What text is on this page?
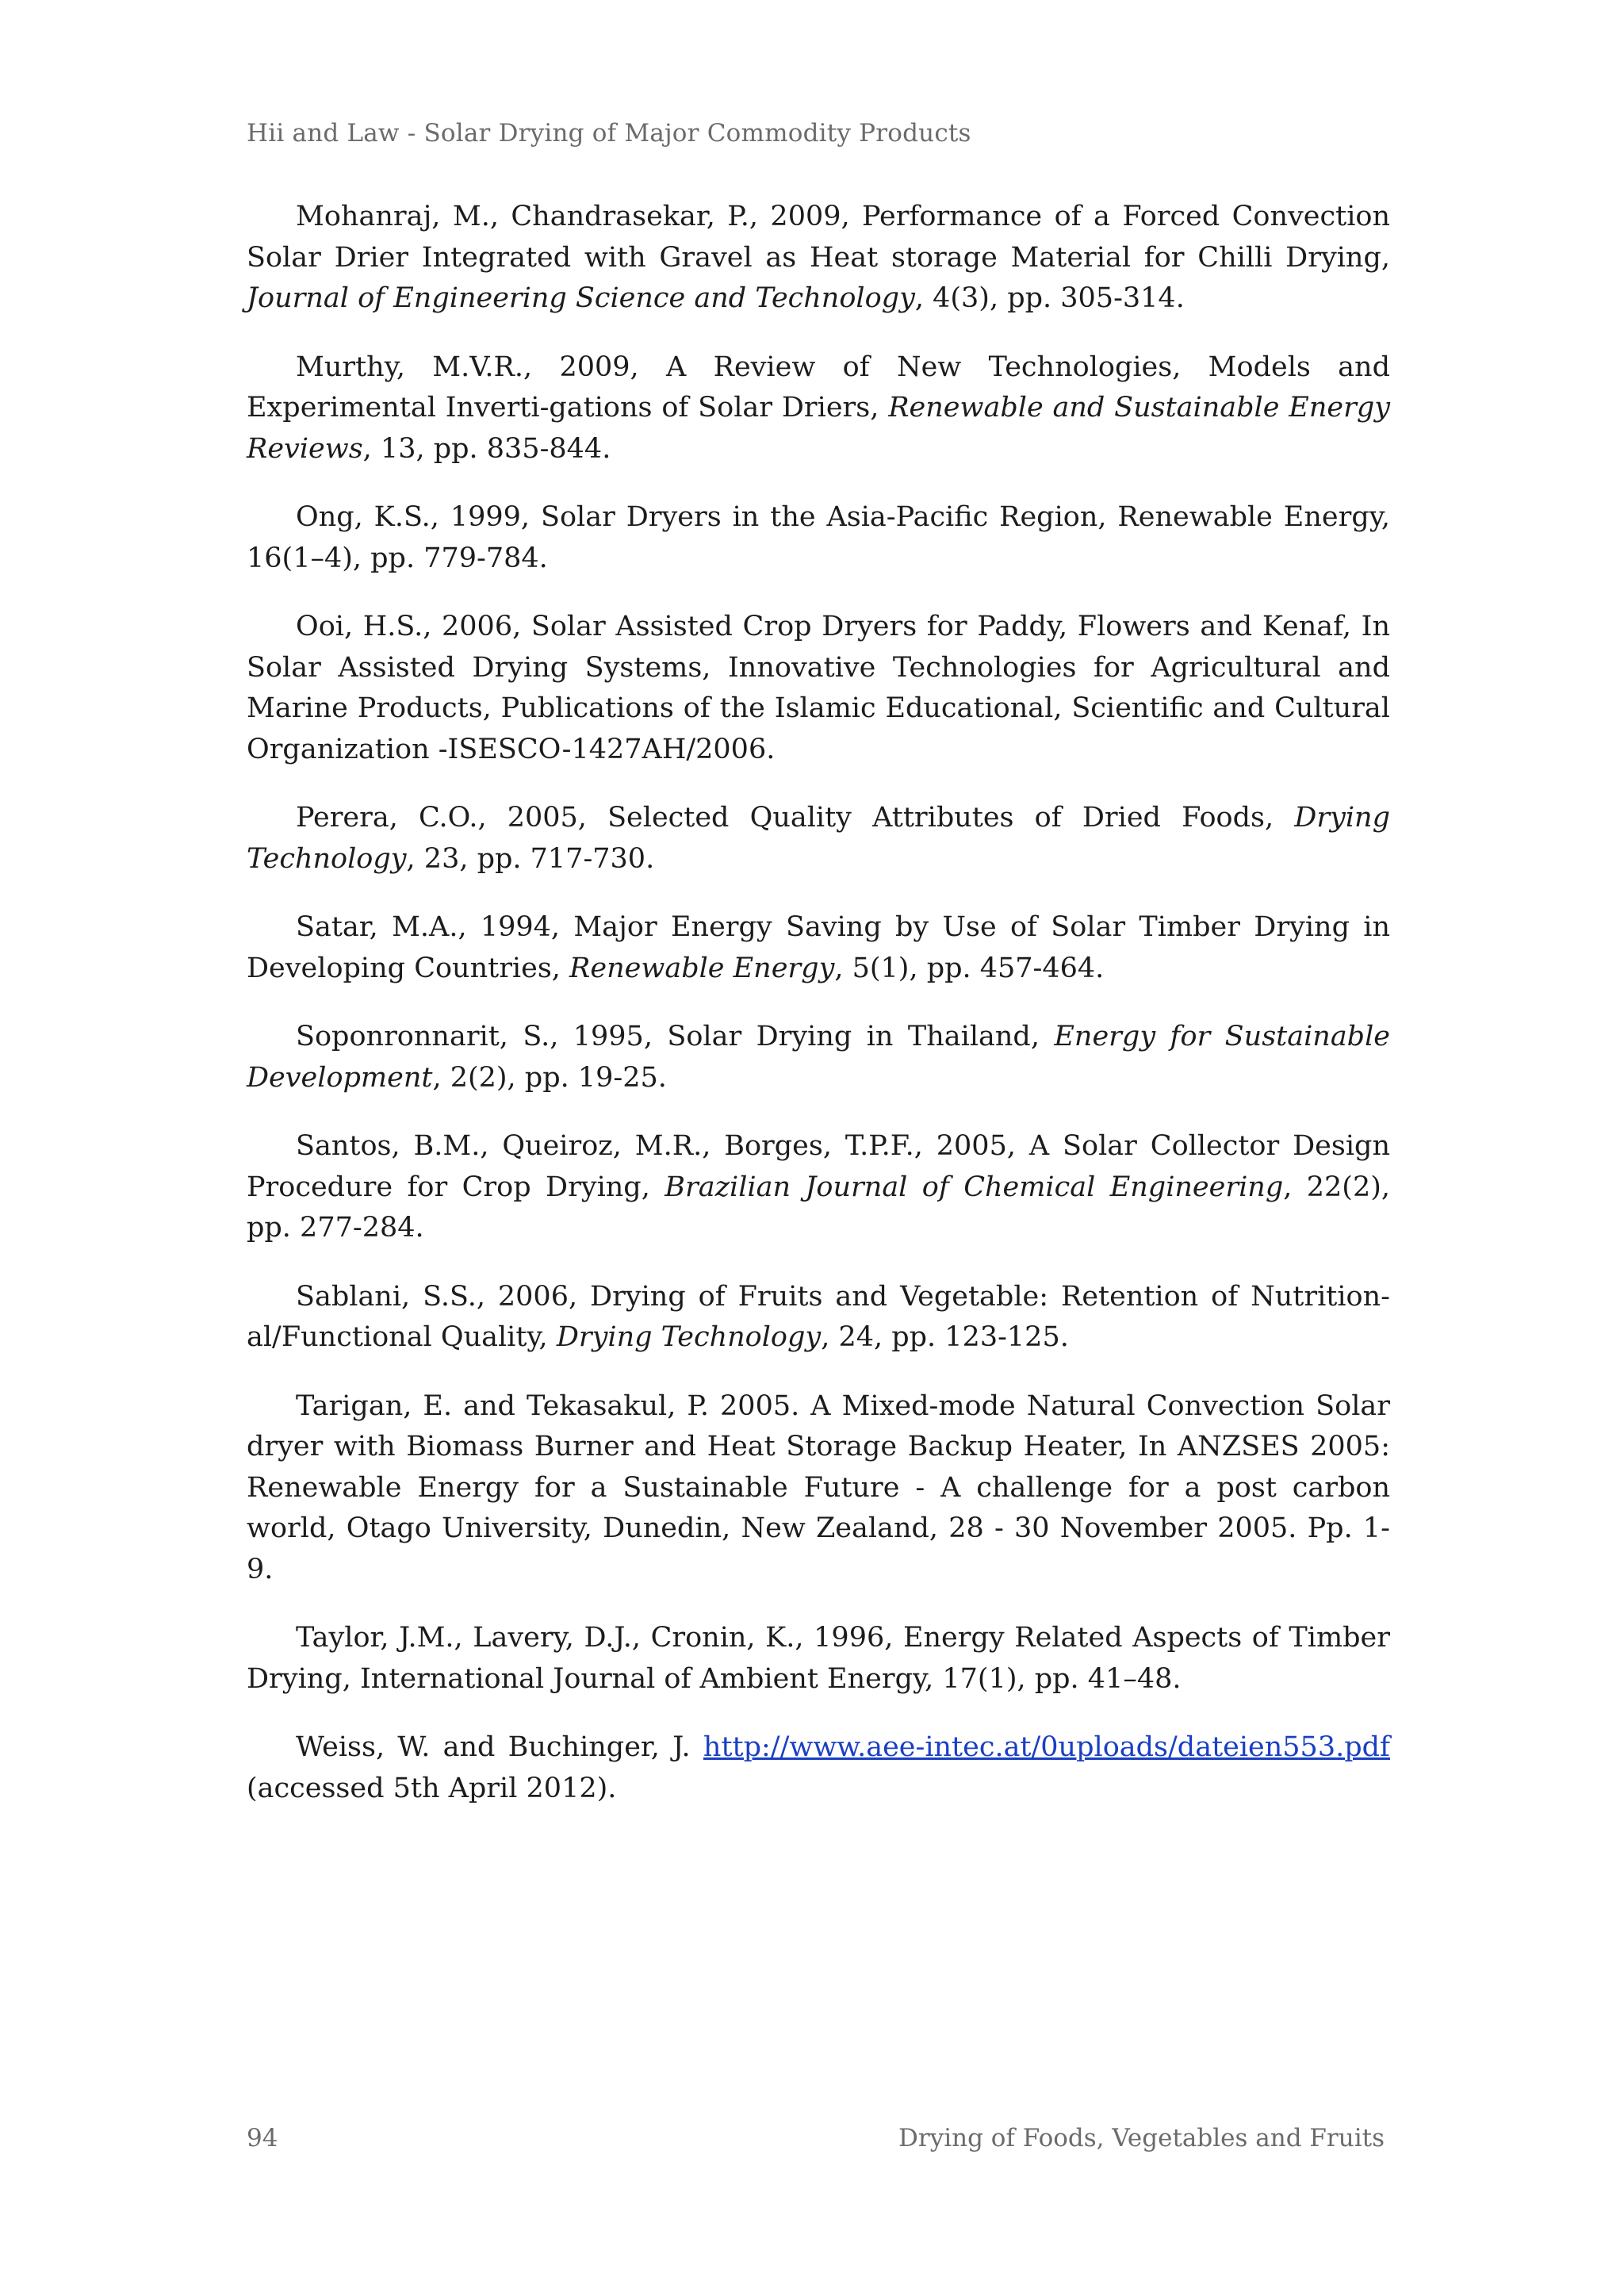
Hii and Law - Solar Drying of Major Commodity Products

Mohanraj, M., Chandrasekar, P., 2009, Performance of a Forced Convection Solar Drier Integrated with Gravel as Heat storage Material for Chilli Drying, Journal of Engineering Science and Technology, 4(3), pp. 305-314.

Murthy, M.V.R., 2009, A Review of New Technologies, Models and Experimental Inverti-gations of Solar Driers, Renewable and Sustainable Energy Reviews, 13, pp. 835-844.

Ong, K.S., 1999, Solar Dryers in the Asia-Pacific Region, Renewable Energy, 16(1–4), pp. 779-784.

Ooi, H.S., 2006, Solar Assisted Crop Dryers for Paddy, Flowers and Kenaf, In Solar Assisted Drying Systems, Innovative Technologies for Agricultural and Marine Products, Publications of the Islamic Educational, Scientific and Cultural Organization -ISESCO-1427AH/2006.

Perera, C.O., 2005, Selected Quality Attributes of Dried Foods, Drying Technology, 23, pp. 717-730.

Satar, M.A., 1994, Major Energy Saving by Use of Solar Timber Drying in Developing Countries, Renewable Energy, 5(1), pp. 457-464.

Soponronnarit, S., 1995, Solar Drying in Thailand, Energy for Sustainable Development, 2(2), pp. 19-25.

Santos, B.M., Queiroz, M.R., Borges, T.P.F., 2005, A Solar Collector Design Procedure for Crop Drying, Brazilian Journal of Chemical Engineering, 22(2), pp. 277-284.

Sablani, S.S., 2006, Drying of Fruits and Vegetable: Retention of Nutritional/Functional Quality, Drying Technology, 24, pp. 123-125.

Tarigan, E. and Tekasakul, P. 2005. A Mixed-mode Natural Convection Solar dryer with Biomass Burner and Heat Storage Backup Heater, In ANZSES 2005: Renewable Energy for a Sustainable Future - A challenge for a post carbon world, Otago University, Dunedin, New Zealand, 28 - 30 November 2005. Pp. 1-9.

Taylor, J.M., Lavery, D.J., Cronin, K., 1996, Energy Related Aspects of Timber Drying, International Journal of Ambient Energy, 17(1), pp. 41–48.

Weiss, W. and Buchinger, J. http://www.aee-intec.at/0uploads/dateien553.pdf (accessed 5th April 2012).

94	Drying of Foods, Vegetables and Fruits
